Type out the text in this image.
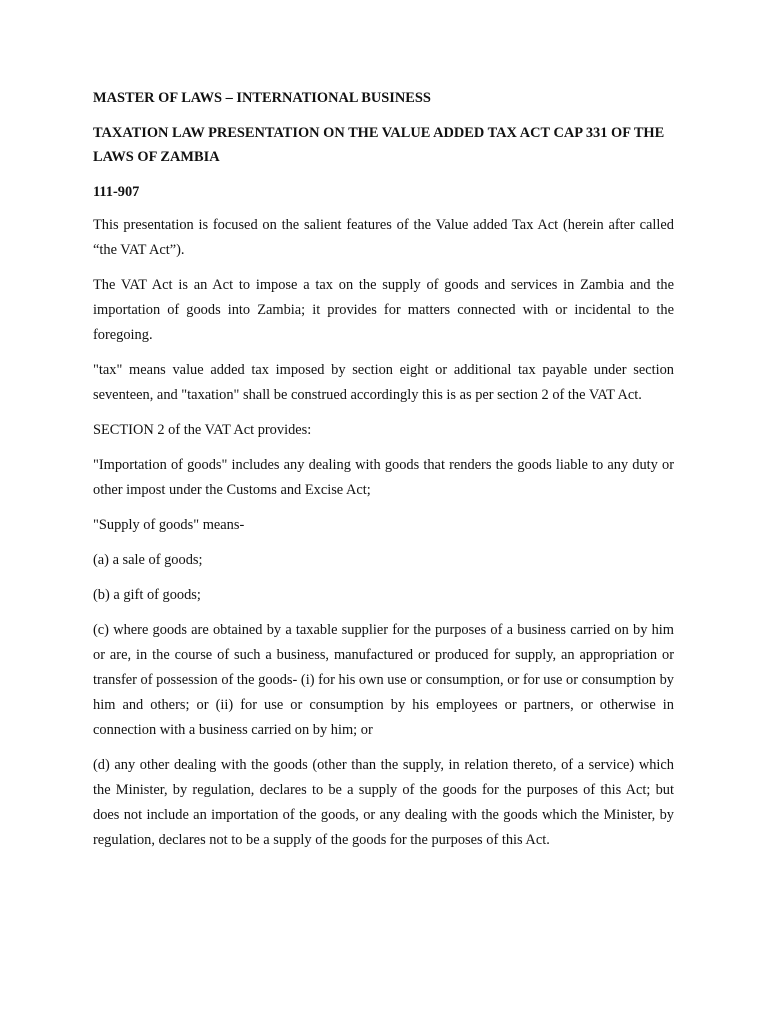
MASTER OF LAWS – INTERNATIONAL BUSINESS
TAXATION LAW PRESENTATION ON THE VALUE ADDED TAX ACT CAP 331 OF THE LAWS OF ZAMBIA
111-907

This presentation is focused on the salient features of the Value added Tax Act (herein after called “the VAT Act”).

The VAT Act is an Act to impose a tax on the supply of goods and services in Zambia and the importation of goods into Zambia; it provides for matters connected with or incidental to the foregoing.

"tax" means value added tax imposed by section eight or additional tax payable under section seventeen, and "taxation" shall be construed accordingly this is as per section 2 of the VAT Act.

SECTION 2 of the VAT Act provides:

"Importation of goods" includes any dealing with goods that renders the goods liable to any duty or other impost under the Customs and Excise Act;

"Supply of goods" means-

(a) a sale of goods;

(b) a gift of goods;

(c) where goods are obtained by a taxable supplier for the purposes of a business carried on by him or are, in the course of such a business, manufactured or produced for supply, an appropriation or transfer of possession of the goods- (i) for his own use or consumption, or for use or consumption by him and others; or (ii) for use or consumption by his employees or partners, or otherwise in connection with a business carried on by him; or

(d) any other dealing with the goods (other than the supply, in relation thereto, of a service) which the Minister, by regulation, declares to be a supply of the goods for the purposes of this Act; but does not include an importation of the goods, or any dealing with the goods which the Minister, by regulation, declares not to be a supply of the goods for the purposes of this Act.
